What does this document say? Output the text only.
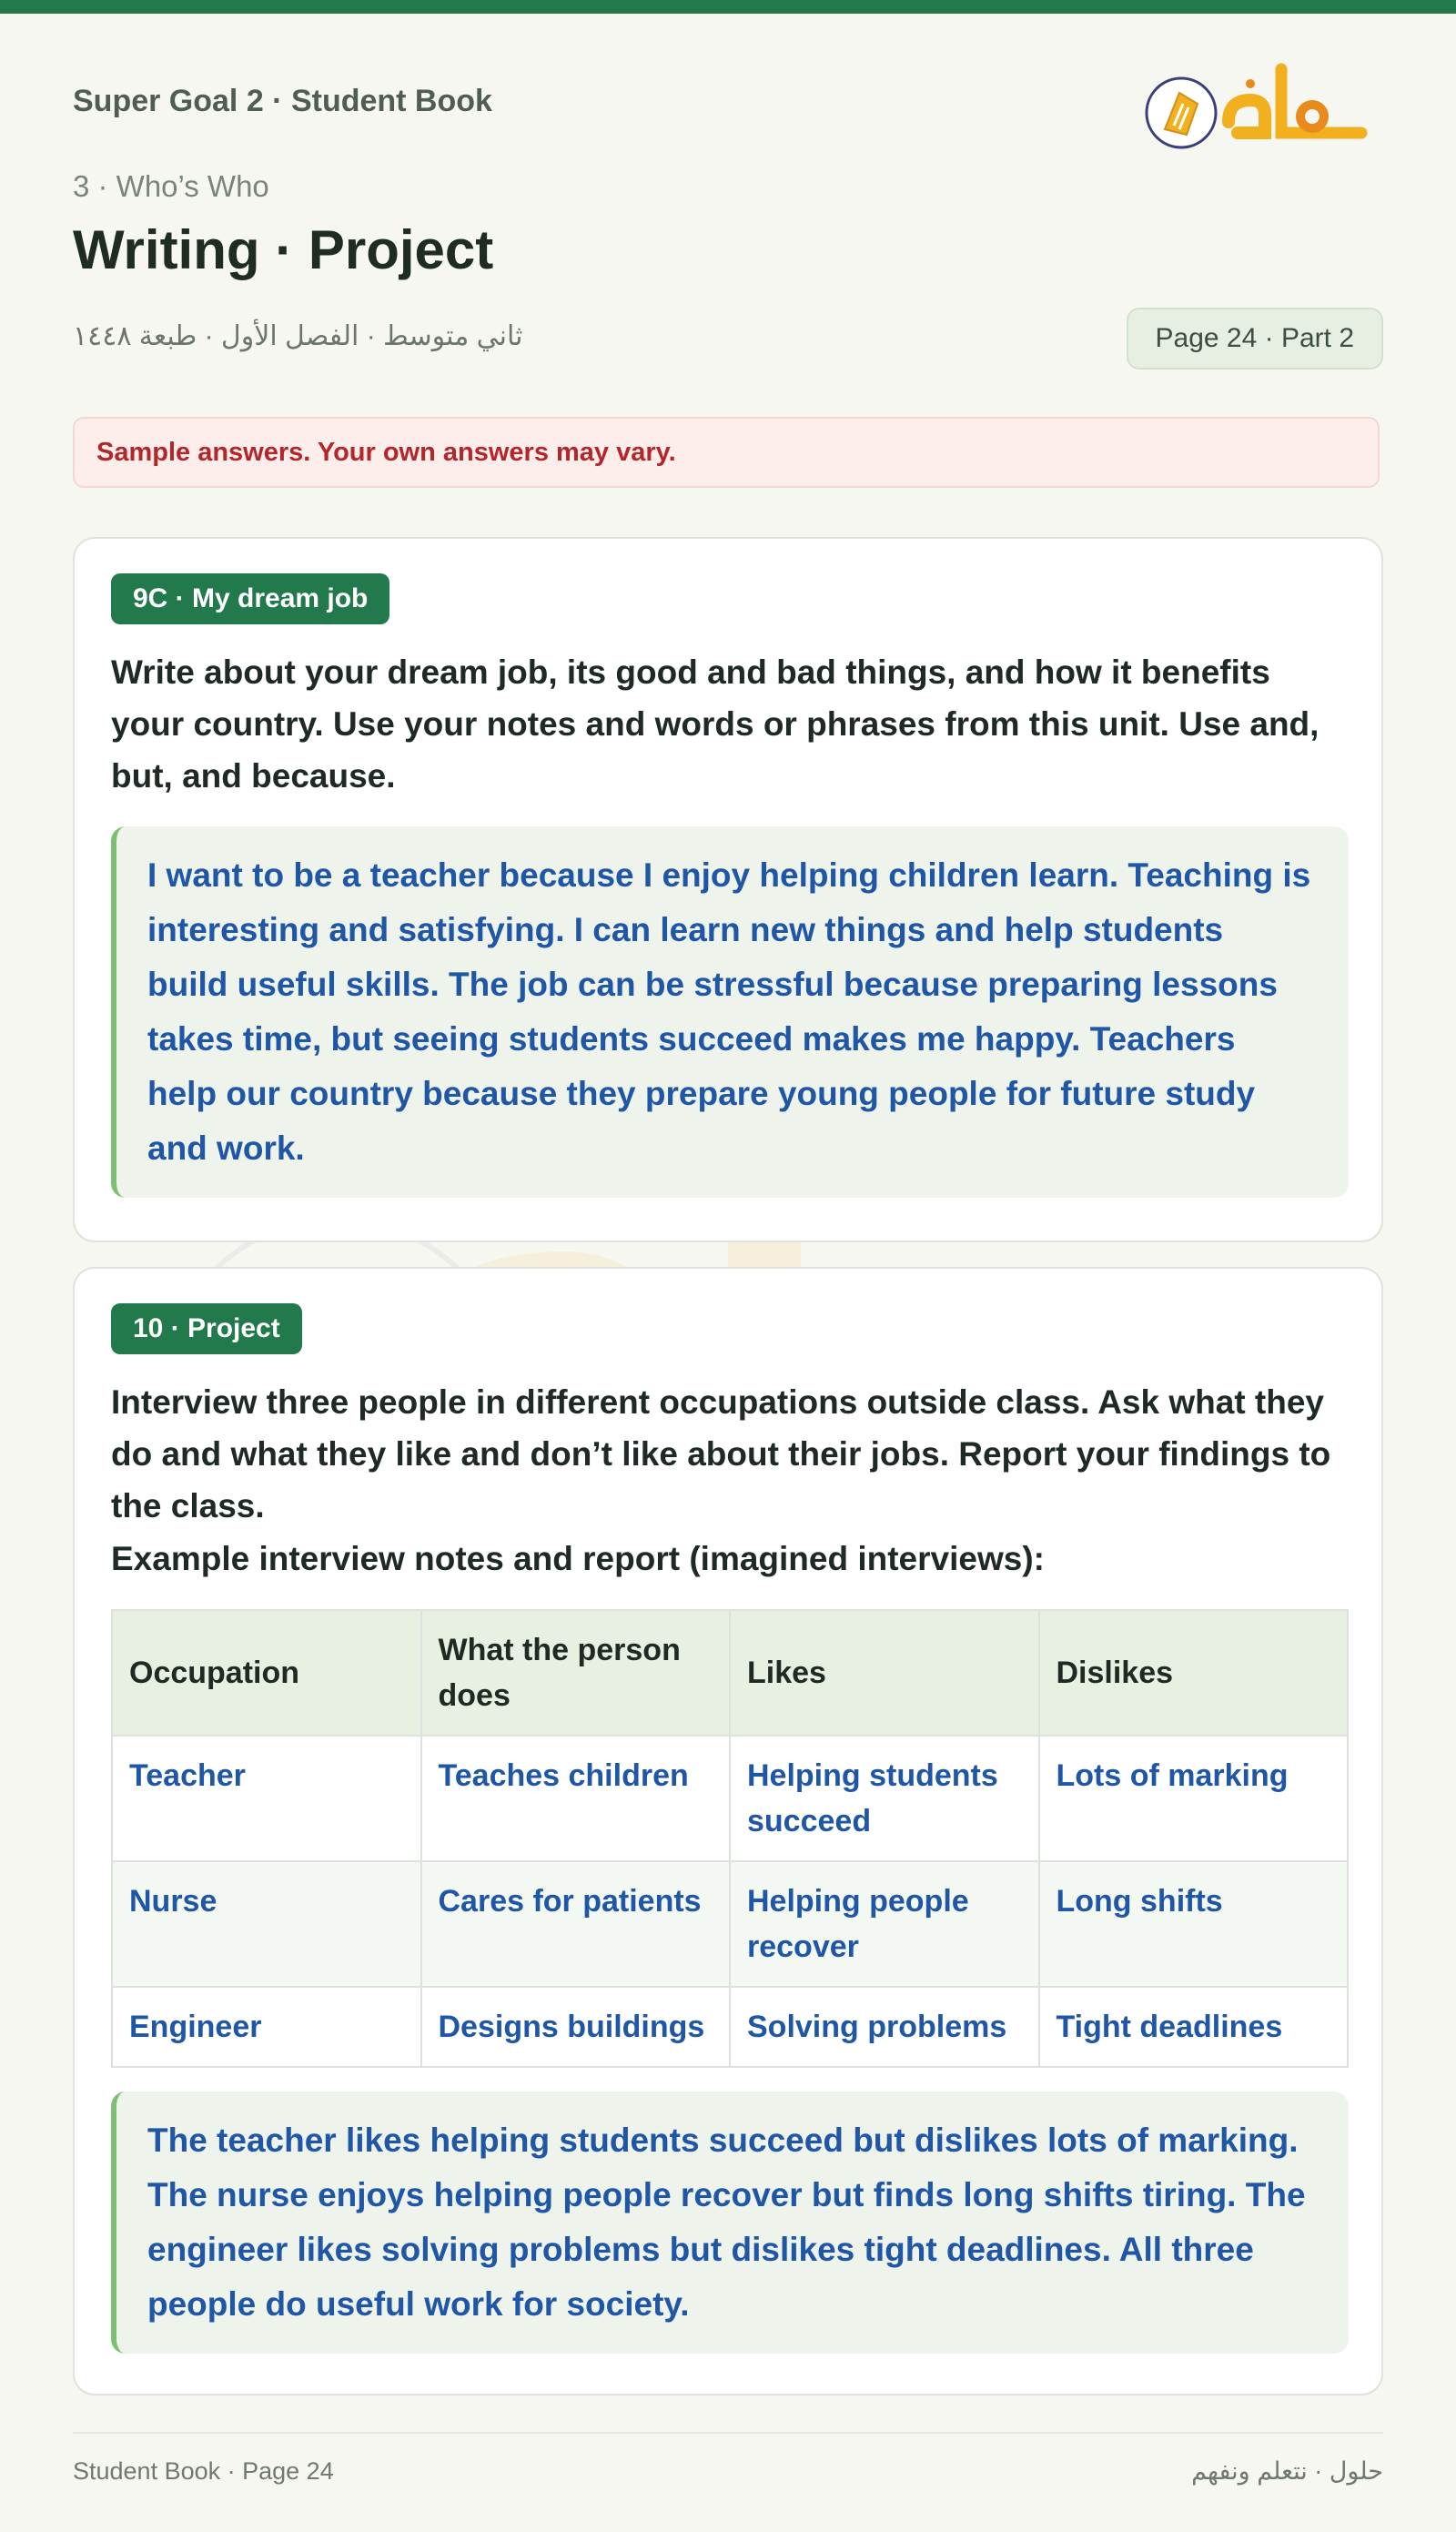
Super Goal 2 · Student Book
3 · Who’s Who
Writing · Project
ثاني متوسط · الفصل الأول · طبعة ١٤٤٨	Page 24 · Part 2
Sample answers. Your own answers may vary.
9C · My dream job
Write about your dream job, its good and bad things, and how it benefits your country. Use your notes and words or phrases from this unit. Use and, but, and because.
I want to be a teacher because I enjoy helping children learn. Teaching is interesting and satisfying. I can learn new things and help students build useful skills. The job can be stressful because preparing lessons takes time, but seeing students succeed makes me happy. Teachers help our country because they prepare young people for future study and work.
10 · Project
Interview three people in different occupations outside class. Ask what they do and what they like and don’t like about their jobs. Report your findings to the class.
Example interview notes and report (imagined interviews):
Occupation	What the person does	Likes	Dislikes
Teacher	Teaches children	Helping students succeed	Lots of marking
Nurse	Cares for patients	Helping people recover	Long shifts
Engineer	Designs buildings	Solving problems	Tight deadlines
The teacher likes helping students succeed but dislikes lots of marking. The nurse enjoys helping people recover but finds long shifts tiring. The engineer likes solving problems but dislikes tight deadlines. All three people do useful work for society.
Student Book · Page 24	حلول · نتعلم ونفهم
